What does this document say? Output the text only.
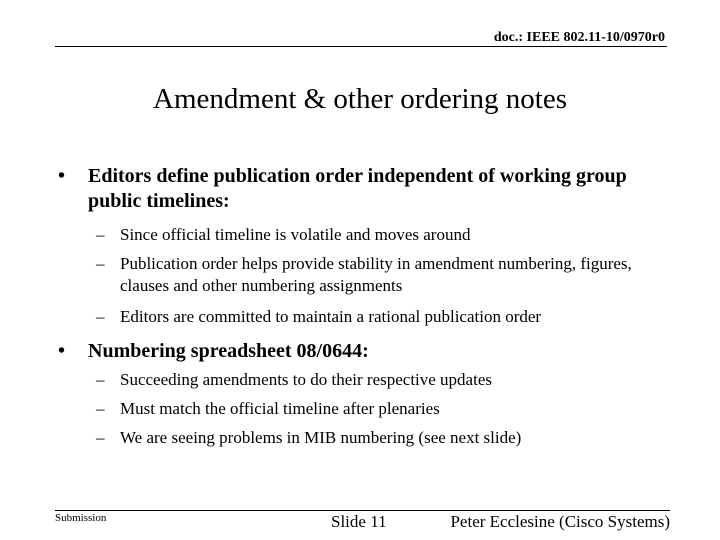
doc.: IEEE 802.11-10/0970r0
Amendment & other ordering notes
•	Editors define publication order independent of working group public timelines:
– Since official timeline is volatile and moves around
– Publication order helps provide stability in amendment numbering, figures, clauses and other numbering assignments
– Editors are committed to maintain a rational publication order
•	Numbering spreadsheet 08/0644:
– Succeeding amendments to do their respective updates
– Must match the official timeline after plenaries
– We are seeing problems in MIB numbering (see next slide)
Submission	Slide 11	Peter Ecclesine (Cisco Systems)
